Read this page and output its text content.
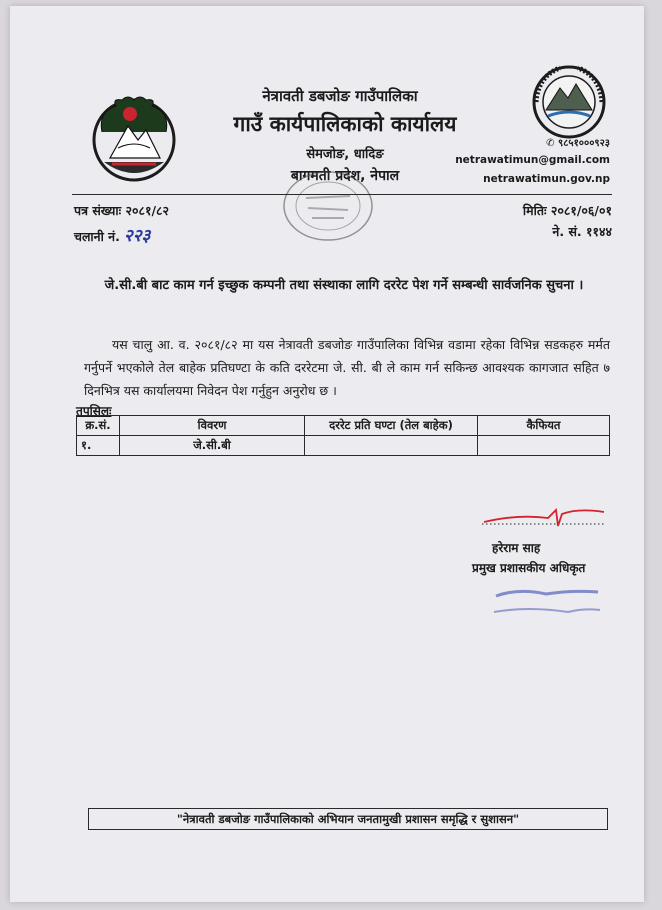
नेत्रावती डबजोङ गाउँपालिका
गाउँ कार्यपालिकाको कार्यालय
सेमजोङ, धादिङ
बागमती प्रदेश, नेपाल
✆ ९८५१०००९२३
netrawatimun@gmail.com
netrawatimun.gov.np
पत्र संख्याः २०८१/८२
चलानी नं. २२३
मितिः २०८१/०६/०१
ने. सं. ११४४
जे.सी.बी बाट काम गर्न इच्छुक कम्पनी तथा संस्थाका लागि दररेट पेश गर्ने सम्बन्धी सार्वजनिक सुचना ।
यस चालु आ. व. २०८१/८२ मा यस नेत्रावती डबजोङ गाउँपालिका विभिन्न वडामा रहेका विभिन्न सडकहरु मर्मत गर्नुपर्ने भएकोले तेल बाहेक प्रतिघण्टा के कति दररेटमा जे. सी. बी ले काम गर्न सकिन्छ आवश्यक कागजात सहित ७ दिनभित्र यस कार्यालयमा निवेदन पेश गर्नुहुन अनुरोध छ ।
तपसिलः
क्र.सं.	विवरण	दररेट प्रति घण्टा (तेल बाहेक)	कैफियत
१.	जे.सी.बी		
हरेराम साह
प्रमुख प्रशासकीय अधिकृत
"नेत्रावती डबजोङ गाउँपालिकाको अभियान जनतामुखी प्रशासन समृद्धि र सुशासन"
